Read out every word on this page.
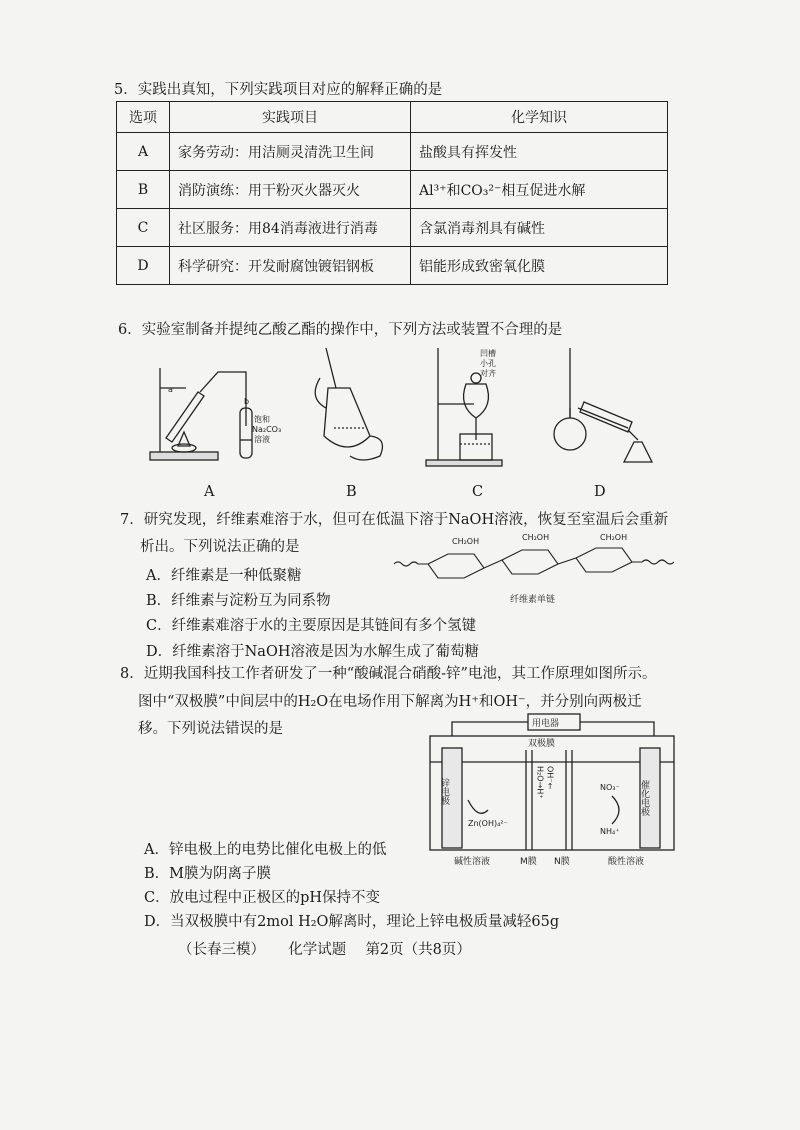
5．实践出真知，下列实践项目对应的解释正确的是
选项	实践项目	化学知识
A	家务劳动：用洁厕灵清洗卫生间	盐酸具有挥发性
B	消防演练：用干粉灭火器灭火	Al³⁺和CO₃²⁻相互促进水解
C	社区服务：用84消毒液进行消毒	含氯消毒剂具有碱性
D	科学研究：开发耐腐蚀镀铝钢板	铝能形成致密氧化膜
6．实验室制备并提纯乙酸乙酯的操作中，下列方法或装置不合理的是
a
b
饱和
Na₂CO₃
溶液
凹槽
小孔
对齐
A	B	C	D
7．研究发现，纤维素难溶于水，但可在低温下溶于NaOH溶液，恢复至室温后会重新
析出。下列说法正确的是
A．纤维素是一种低聚糖
B．纤维素与淀粉互为同系物
C．纤维素难溶于水的主要原因是其链间有多个氢键
D．纤维素溶于NaOH溶液是因为水解生成了葡萄糖
CH₂OH	CH₂OH	CH₂OH
纤维素单链
8．近期我国科技工作者研发了一种“酸碱混合硝酸-锌”电池，其工作原理如图所示。
图中“双极膜”中间层中的H₂O在电场作用下解离为H⁺和OH⁻，并分别向两极迁
移。下列说法错误的是	用电器
双极膜
锌电极	催化电极
Zn(OH)₄²⁻
NO₃⁻
NH₄⁺
H₂O→H⁺ OH⁻←
碱性溶液	M膜 N膜	酸性溶液
A．锌电极上的电势比催化电极上的低
B．M膜为阴离子膜
C．放电过程中正极区的pH保持不变
D．当双极膜中有2mol H₂O解离时，理论上锌电极质量减轻65g
（长春三模） 化学试题 第2页（共8页）
